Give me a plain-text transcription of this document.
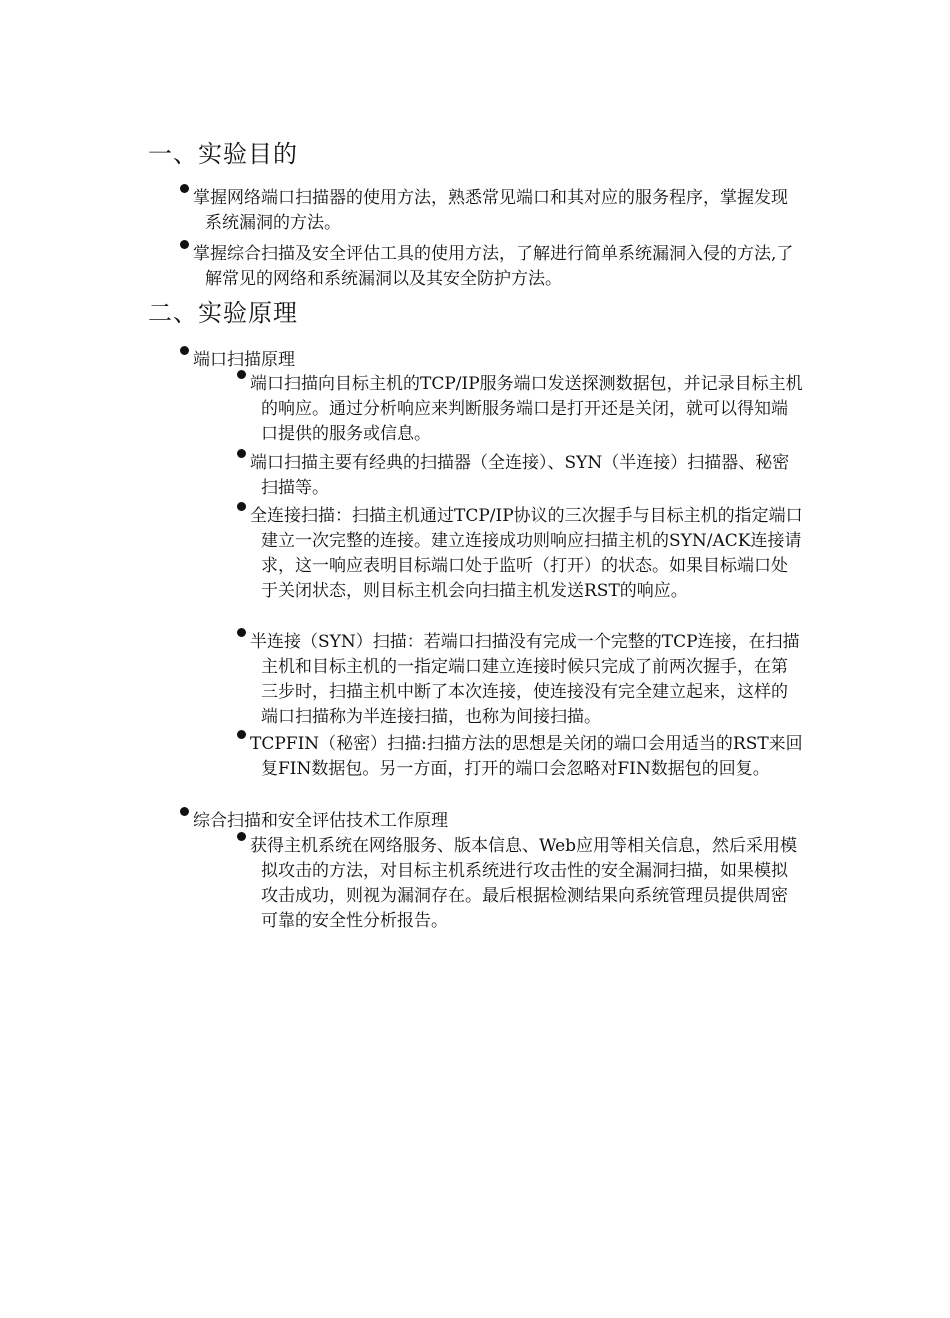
一、实验目的
掌握网络端口扫描器的使用方法，熟悉常见端口和其对应的服务程序，掌握发现系统漏洞的方法。
掌握综合扫描及安全评估工具的使用方法，了解进行简单系统漏洞入侵的方法,了解常见的网络和系统漏洞以及其安全防护方法。
二、实验原理
端口扫描原理
端口扫描向目标主机的TCP/IP服务端口发送探测数据包，并记录目标主机的响应。通过分析响应来判断服务端口是打开还是关闭，就可以得知端口提供的服务或信息。
端口扫描主要有经典的扫描器（全连接）、SYN（半连接）扫描器、秘密扫描等。
全连接扫描：扫描主机通过TCP/IP协议的三次握手与目标主机的指定端口建立一次完整的连接。建立连接成功则响应扫描主机的SYN/ACK连接请求，这一响应表明目标端口处于监听（打开）的状态。如果目标端口处于关闭状态，则目标主机会向扫描主机发送RST的响应。
半连接（SYN）扫描：若端口扫描没有完成一个完整的TCP连接，在扫描主机和目标主机的一指定端口建立连接时候只完成了前两次握手，在第三步时，扫描主机中断了本次连接，使连接没有完全建立起来，这样的端口扫描称为半连接扫描，也称为间接扫描。
TCPFIN（秘密）扫描:扫描方法的思想是关闭的端口会用适当的RST来回复FIN数据包。另一方面，打开的端口会忽略对FIN数据包的回复。
综合扫描和安全评估技术工作原理
获得主机系统在网络服务、版本信息、Web应用等相关信息，然后采用模拟攻击的方法，对目标主机系统进行攻击性的安全漏洞扫描，如果模拟攻击成功，则视为漏洞存在。最后根据检测结果向系统管理员提供周密可靠的安全性分析报告。
